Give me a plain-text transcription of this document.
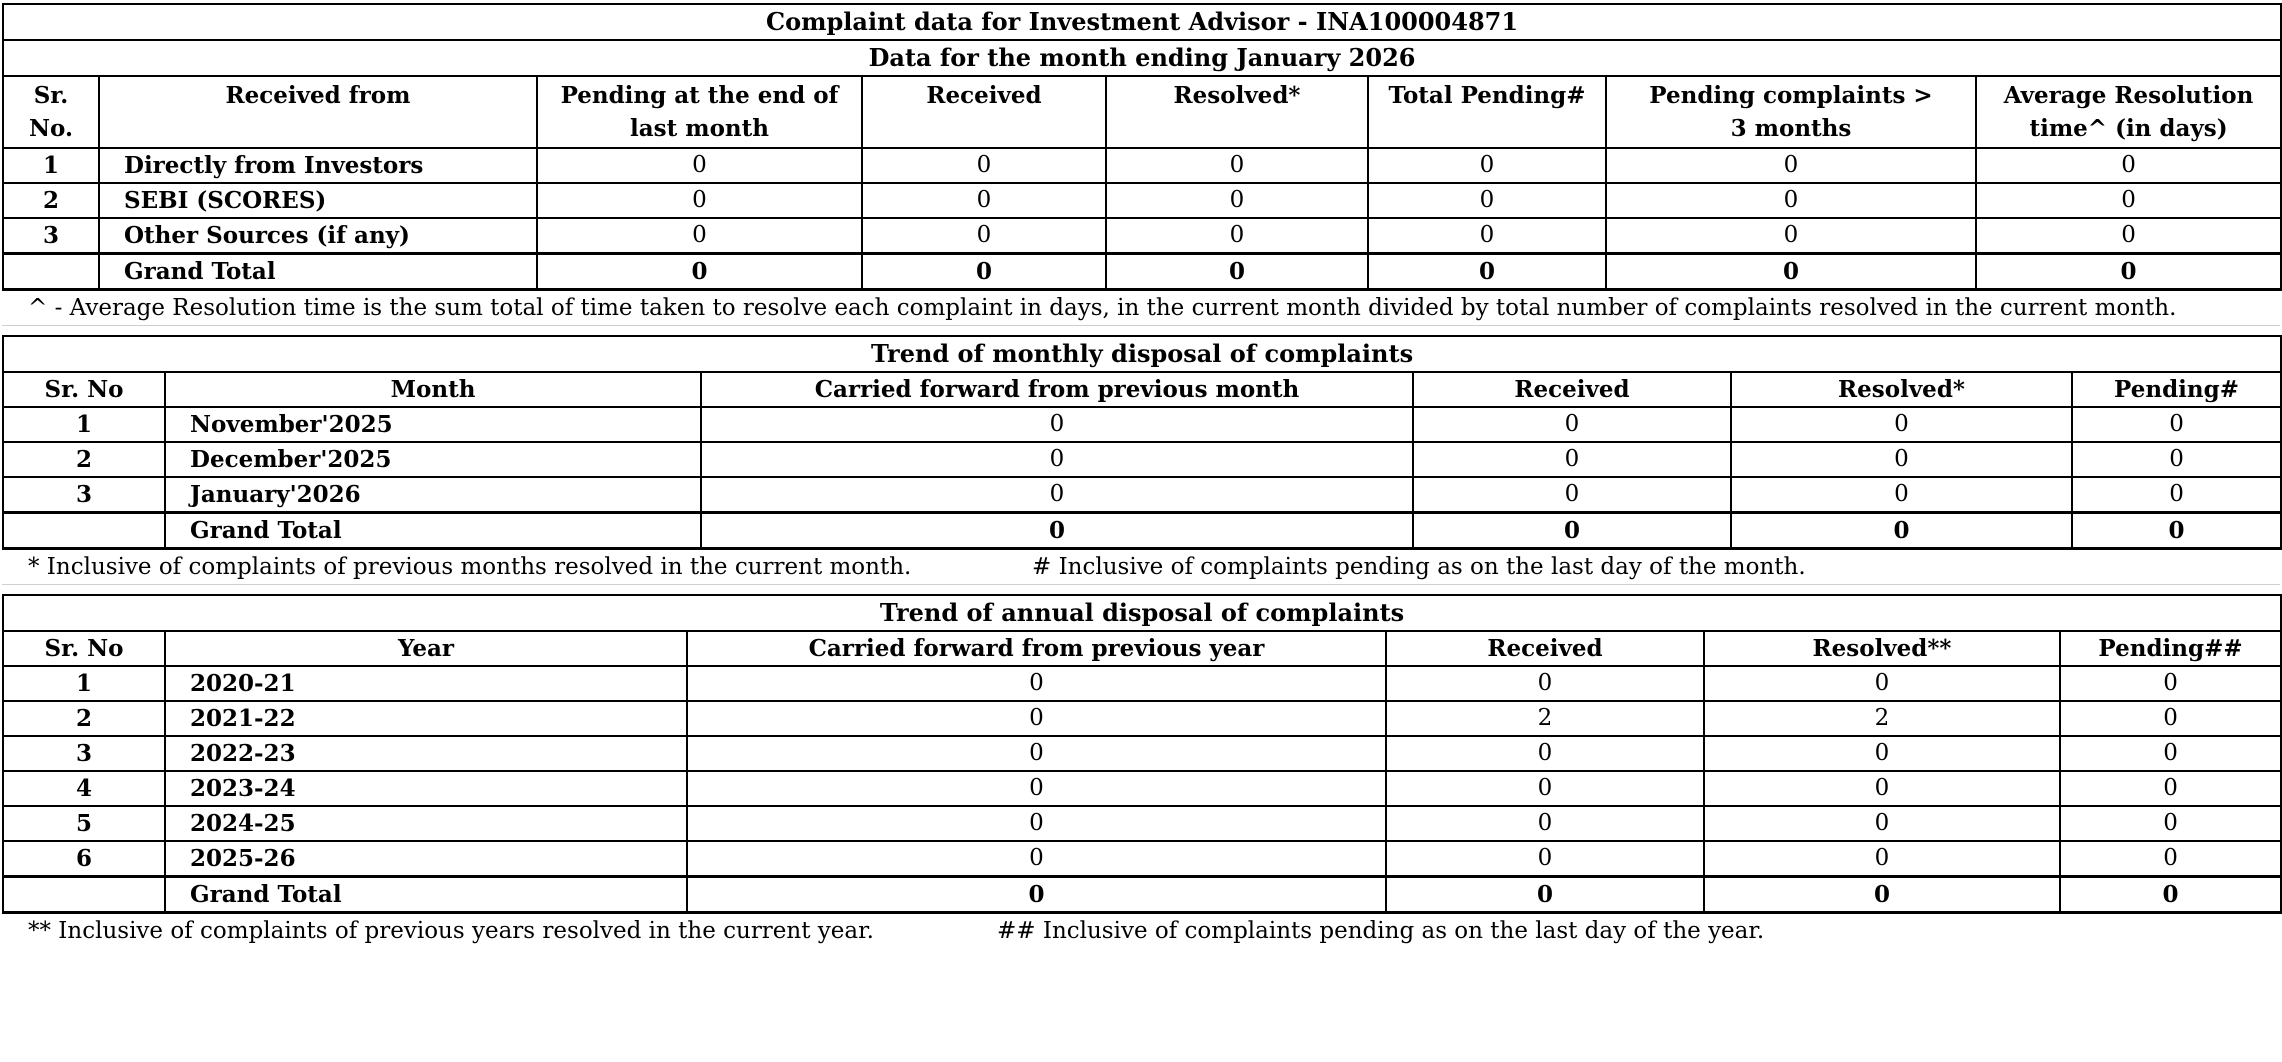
Complaint data for Investment Advisor - INA100004871							
Data for the month ending January 2026							
Sr. No.	Received from	Pending at the end of last month	Received	Resolved*	Total Pending#	Pending complaints > 3 months	Average Resolution time^ (in days)
1	Directly from Investors	0	0	0	0	0	0
2	SEBI (SCORES)	0	0	0	0	0	0
3	Other Sources (if any)	0	0	0	0	0	0
	Grand Total	0	0	0	0	0	0
^ - Average Resolution time is the sum total of time taken to resolve each complaint in days, in the current month divided by total number of complaints resolved in the current month.
Trend of monthly disposal of complaints					
Sr. No	Month	Carried forward from previous month	Received	Resolved*	Pending#
1	November'2025	0	0	0	0
2	December'2025	0	0	0	0
3	January'2026	0	0	0	0
	Grand Total	0	0	0	0
* Inclusive of complaints of previous months resolved in the current month.	# Inclusive of complaints pending as on the last day of the month.
Trend of annual disposal of complaints					
Sr. No	Year	Carried forward from previous year	Received	Resolved**	Pending##
1	2020-21	0	0	0	0
2	2021-22	0	2	2	0
3	2022-23	0	0	0	0
4	2023-24	0	0	0	0
5	2024-25	0	0	0	0
6	2025-26	0	0	0	0
	Grand Total	0	0	0	0
** Inclusive of complaints of previous years resolved in the current year.	## Inclusive of complaints pending as on the last day of the year.
